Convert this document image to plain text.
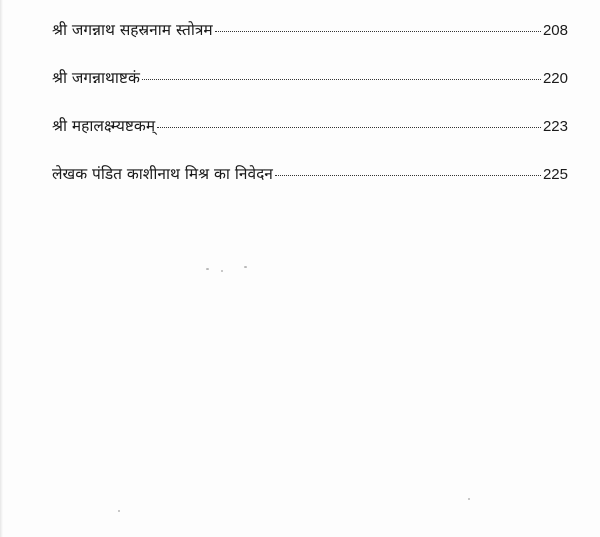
श्री जगन्नाथ सहस्रनाम स्तोत्रम	208
श्री जगन्नाथाष्टकं	220
श्री महालक्ष्म्यष्टकम्	223
लेखक पंडित काशीनाथ मिश्र का निवेदन	225
